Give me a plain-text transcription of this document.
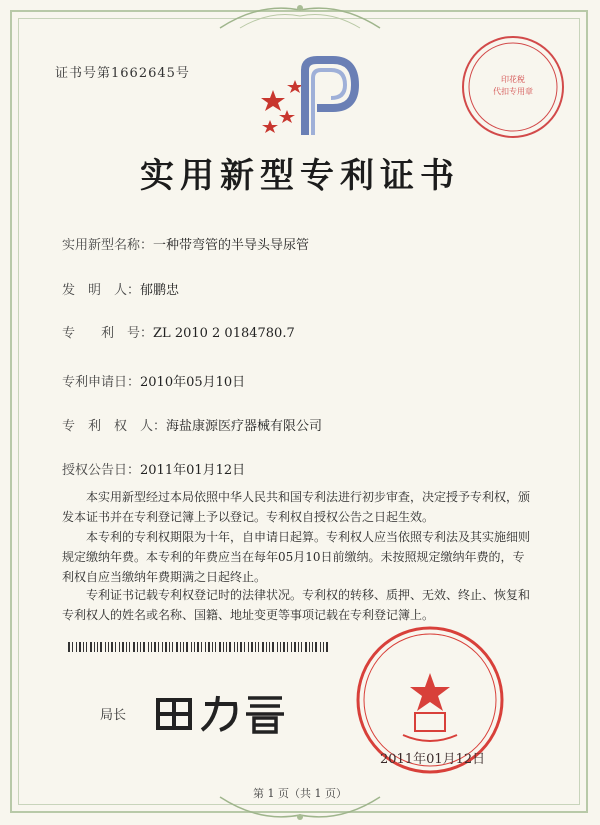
证书号第1662645号	印花税
代扣专用章
实用新型专利证书
实用新型名称：一种带弯管的半导头导尿管
发　明　人：郁鹏忠
专　　利　号：ZL 2010 2 0184780.7
专利申请日：2010年05月10日
专　利　权　人：海盐康源医疗器械有限公司
授权公告日：2011年01月12日
　　本实用新型经过本局依照中华人民共和国专利法进行初步审查，决定授予专利权，颁
发本证书并在专利登记簿上予以登记。专利权自授权公告之日起生效。
　　本专利的专利权期限为十年，自申请日起算。专利权人应当依照专利法及其实施细则
规定缴纳年费。本专利的年费应当在每年05月10日前缴纳。未按照规定缴纳年费的，专
利权自应当缴纳年费期满之日起终止。
　　专利证书记载专利权登记时的法律状况。专利权的转移、质押、无效、终止、恢复和
专利权人的姓名或名称、国籍、地址变更等事项记载在专利登记簿上。
局长
2011年01月12日
第 1 页（共 1 页）
